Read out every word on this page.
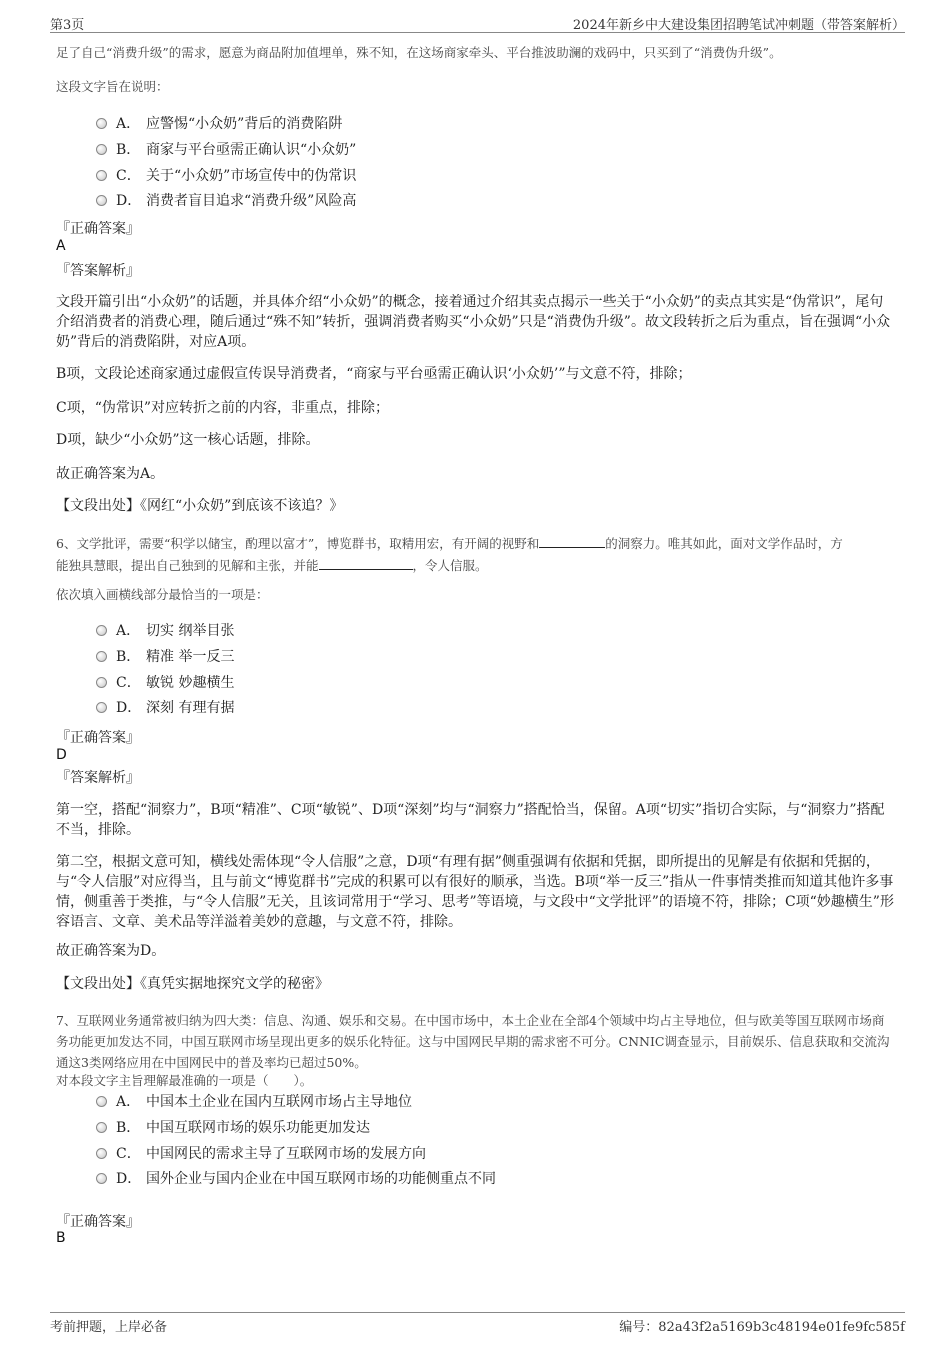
第3页	2024年新乡中大建设集团招聘笔试冲刺题（带答案解析）
足了自己“消费升级”的需求，愿意为商品附加值埋单，殊不知，在这场商家牵头、平台推波助澜的戏码中，只买到了“消费伪升级”。
这段文字旨在说明：
A． 应警惕“小众奶”背后的消费陷阱
B． 商家与平台亟需正确认识“小众奶”
C． 关于“小众奶”市场宣传中的伪常识
D． 消费者盲目追求“消费升级”风险高
『正确答案』
A
『答案解析』
文段开篇引出“小众奶”的话题，并具体介绍“小众奶”的概念，接着通过介绍其卖点揭示一些关于“小众奶”的卖点其实是“伪常识”，尾句介绍消费者的消费心理，随后通过“殊不知”转折，强调消费者购买“小众奶”只是“消费伪升级”。故文段转折之后为重点，旨在强调“小众奶”背后的消费陷阱，对应A项。
B项，文段论述商家通过虚假宣传误导消费者，“商家与平台亟需正确认识‘小众奶’”与文意不符，排除；
C项，“伪常识”对应转折之前的内容，非重点，排除；
D项，缺少“小众奶”这一核心话题，排除。
故正确答案为A。
【文段出处】《网红“小众奶”到底该不该追？》
6、文学批评，需要“积学以储宝，酌理以富才”，博览群书，取精用宏，有开阔的视野和	的洞察力。唯其如此，面对文学作品时，方
能独具慧眼，提出自己独到的见解和主张，并能	，令人信服。
依次填入画横线部分最恰当的一项是：
A． 切实 纲举目张
B． 精准 举一反三
C． 敏锐 妙趣横生
D． 深刻 有理有据
『正确答案』
D
『答案解析』
第一空，搭配“洞察力”，B项“精准”、C项“敏锐”、D项“深刻”均与“洞察力”搭配恰当，保留。A项“切实”指切合实际，与“洞察力”搭配不当，排除。
第二空，根据文意可知，横线处需体现“令人信服”之意，D项“有理有据”侧重强调有依据和凭据，即所提出的见解是有依据和凭据的，与“令人信服”对应得当，且与前文“博览群书”完成的积累可以有很好的顺承，当选。B项“举一反三”指从一件事情类推而知道其他许多事情，侧重善于类推，与“令人信服”无关，且该词常用于“学习、思考”等语境，与文段中“文学批评”的语境不符，排除；C项“妙趣横生”形容语言、文章、美术品等洋溢着美妙的意趣，与文意不符，排除。
故正确答案为D。
【文段出处】《真凭实据地探究文学的秘密》
7、互联网业务通常被归纳为四大类：信息、沟通、娱乐和交易。在中国市场中，本土企业在全部4个领域中均占主导地位，但与欧美等国互联网市场商务功能更加发达不同，中国互联网市场呈现出更多的娱乐化特征。这与中国网民早期的需求密不可分。CNNIC调查显示，目前娱乐、信息获取和交流沟通这3类网络应用在中国网民中的普及率均已超过50%。
对本段文字主旨理解最准确的一项是（　　）。
A． 中国本土企业在国内互联网市场占主导地位
B． 中国互联网市场的娱乐功能更加发达
C． 中国网民的需求主导了互联网市场的发展方向
D． 国外企业与国内企业在中国互联网市场的功能侧重点不同
『正确答案』
B
考前押题，上岸必备	编号：82a43f2a5169b3c48194e01fe9fc585f
